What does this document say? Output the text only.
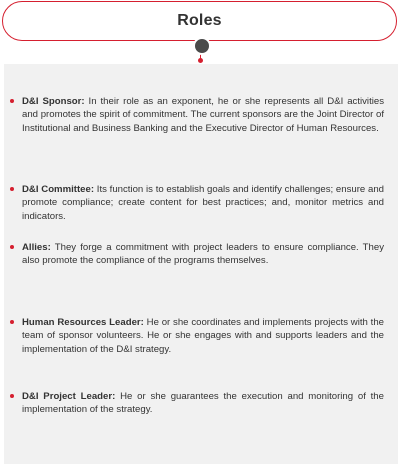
Roles
D&I Sponsor: In their role as an exponent, he or she represents all D&I activities and promotes the spirit of commitment. The current sponsors are the Joint Director of Institutional and Business Banking and the Executive Director of Human Resources.
D&I Committee: Its function is to establish goals and identify challenges; ensure and promote compliance; create content for best practices; and, monitor metrics and indicators.
Allies: They forge a commitment with project leaders to ensure compliance. They also promote the compliance of the programs themselves.
Human Resources Leader: He or she coordinates and implements projects with the team of sponsor volunteers. He or she engages with and supports leaders and the implementation of the D&I strategy.
D&I Project Leader: He or she guarantees the execution and monitoring of the implementation of the strategy.
